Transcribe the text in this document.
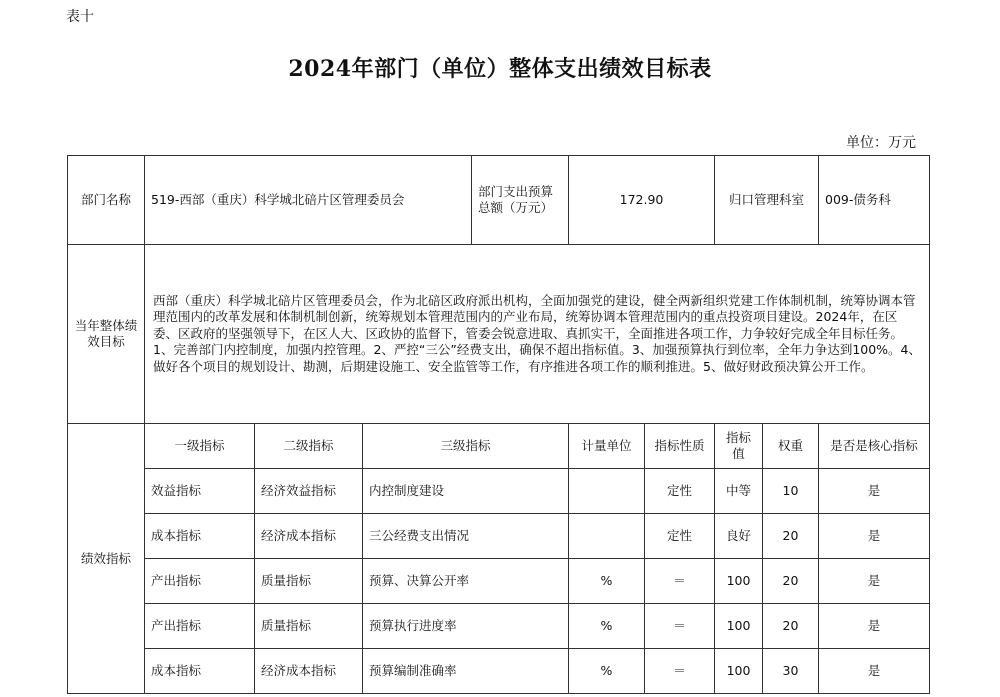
表十
2024年部门（单位）整体支出绩效目标表
单位：万元
部门名称	519-西部（重庆）科学城北碚片区管理委员会			部门支出预算总额（万元）	172.90		归口管理科室		009-债务科
当年整体绩效目标	西部（重庆）科学城北碚片区管理委员会，作为北碚区政府派出机构，全面加强党的建设，健全两新组织党建工作体制机制，统筹协调本管理范围内的改革发展和体制机制创新，统筹规划本管理范围内的产业布局，统筹协调本管理范围内的重点投资项目建设。2024年，在区委、区政府的坚强领导下，在区人大、区政协的监督下，管委会锐意进取、真抓实干，全面推进各项工作，力争较好完成全年目标任务。1、完善部门内控制度，加强内控管理。2、严控“三公”经费支出，确保不超出指标值。3、加强预算执行到位率，全年力争达到100%。4、做好各个项目的规划设计、勘测，后期建设施工、安全监管等工作，有序推进各项工作的顺利推进。5、做好财政预决算公开工作。								
绩效指标	一级指标	二级指标	三级指标		计量单位	指标性质	指标值	权重	是否是核心指标
	效益指标	经济效益指标	内控制度建设			定性	中等	10	是
	成本指标	经济成本指标	三公经费支出情况			定性	良好	20	是
	产出指标	质量指标	预算、决算公开率		%	＝	100	20	是
	产出指标	质量指标	预算执行进度率		%	＝	100	20	是
	成本指标	经济成本指标	预算编制准确率		%	＝	100	30	是
